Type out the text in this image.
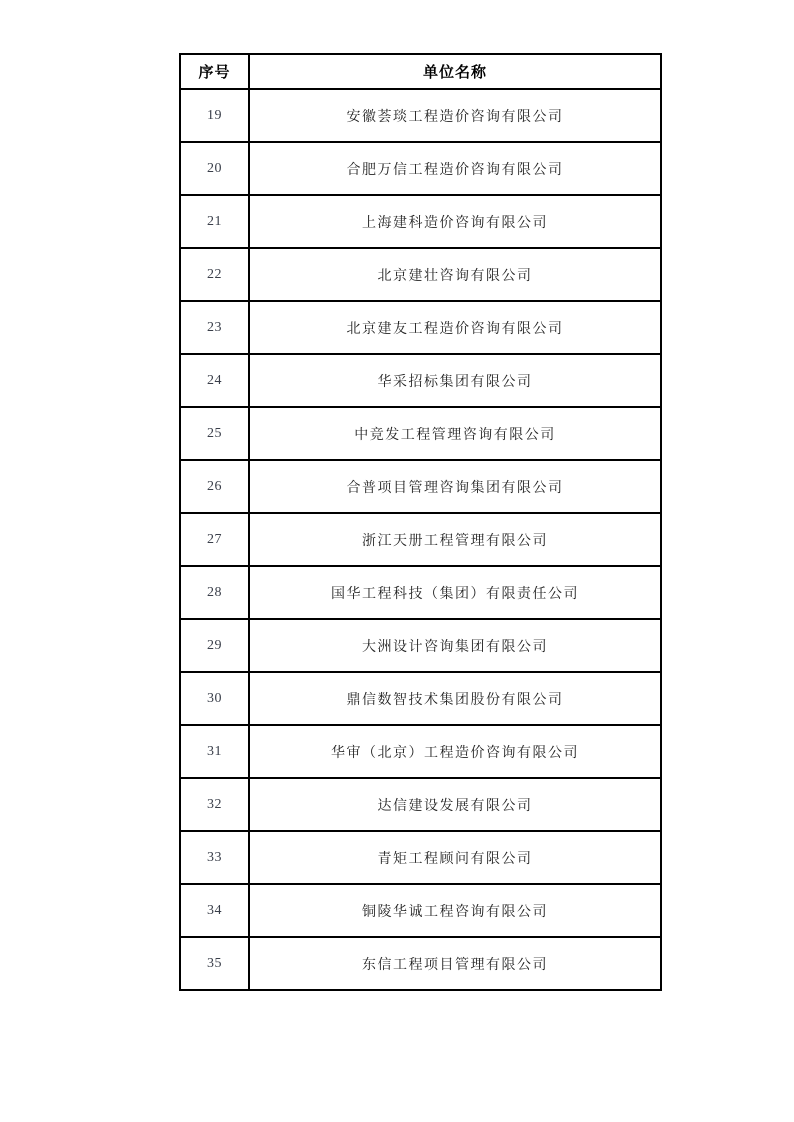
序号	单位名称
19	安徽荟琰工程造价咨询有限公司
20	合肥万信工程造价咨询有限公司
21	上海建科造价咨询有限公司
22	北京建壮咨询有限公司
23	北京建友工程造价咨询有限公司
24	华采招标集团有限公司
25	中竞发工程管理咨询有限公司
26	合普项目管理咨询集团有限公司
27	浙江天册工程管理有限公司
28	国华工程科技（集团）有限责任公司
29	大洲设计咨询集团有限公司
30	鼎信数智技术集团股份有限公司
31	华审（北京）工程造价咨询有限公司
32	达信建设发展有限公司
33	青矩工程顾问有限公司
34	铜陵华诚工程咨询有限公司
35	东信工程项目管理有限公司
